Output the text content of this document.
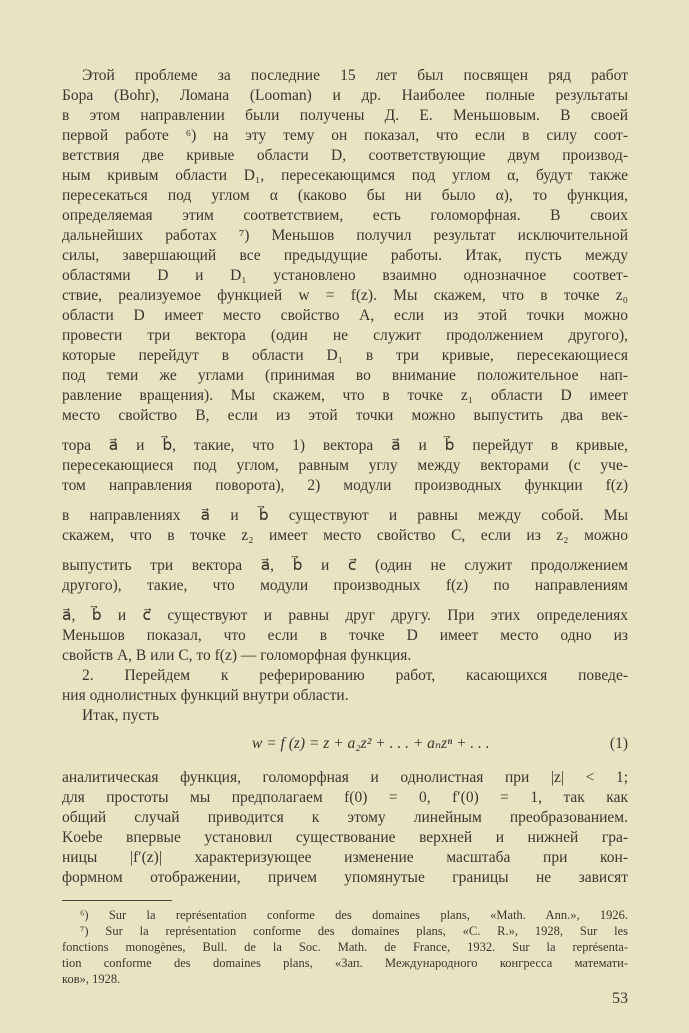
Этой проблеме за последние 15 лет был посвящен ряд работ
Бора (Bohr), Ломана (Looman) и др. Наиболее полные результаты
в этом направлении были получены Д. Е. Меньшовым. В своей
первой работе ⁶) на эту тему он показал, что если в силу соот-
ветствия две кривые области D, соответствующие двум производ-
ным кривым области D₁, пересекающимся под углом α, будут также
пересекаться под углом α (каково бы ни было α), то функция,
определяемая этим соответствием, есть голоморфная. В своих
дальнейших работах ⁷) Меньшов получил результат исключительной
силы, завершающий все предыдущие работы. Итак, пусть между
областями D и D₁ установлено взаимно однозначное соответ-
ствие, реализуемое функцией w = f(z). Мы скажем, что в точке z₀
области D имеет место свойство A, если из этой точки можно
провести три вектора (один не служит продолжением другого),
которые перейдут в области D₁ в три кривые, пересекающиеся
под теми же углами (принимая во внимание положительное нап-
равление вращения). Мы скажем, что в точке z₁ области D имеет
место свойство B, если из этой точки можно выпустить два век-
тора a⃗ и b⃗, такие, что 1) вектора a⃗ и b⃗ перейдут в кривые,
пересекающиеся под углом, равным углу между векторами (с уче-
том направления поворота), 2) модули производных функции f(z)
в направлениях a⃗ и b⃗ существуют и равны между собой. Мы
скажем, что в точке z₂ имеет место свойство C, если из z₂ можно
выпустить три вектора a⃗, b⃗ и c⃗ (один не служит продолжением
другого), такие, что модули производных f(z) по направлениям
a⃗, b⃗ и c⃗ существуют и равны друг другу. При этих определениях
Меньшов показал, что если в точке D имеет место одно из
свойств A, B или C, то f(z) — голоморфная функция.
2. Перейдем к реферированию работ, касающихся поведе-
ния однолистных функций внутри области.
Итак, пусть
w = f (z) = z + a₂z² + . . . + aₙzⁿ + . . .	(1)
аналитическая функция, голоморфная и однолистная при |z| < 1;
для простоты мы предполагаем f(0) = 0, f′(0) = 1, так как
общий случай приводится к этому линейным преобразованием.
Koebe впервые установил существование верхней и нижней гра-
ницы |f′(z)| характеризующее изменение масштаба при кон-
формном отображении, причем упомянутые границы не зависят
⁶) Sur la représentation conforme des domaines plans, «Math. Ann.», 1926.
⁷) Sur la représentation conforme des domaines plans, «C. R.», 1928, Sur les
fonctions monogènes, Bull. de la Soc. Math. de France, 1932. Sur la représenta-
tion conforme des domaines plans, «Зап. Международного конгресса математи-
ков», 1928.
53
